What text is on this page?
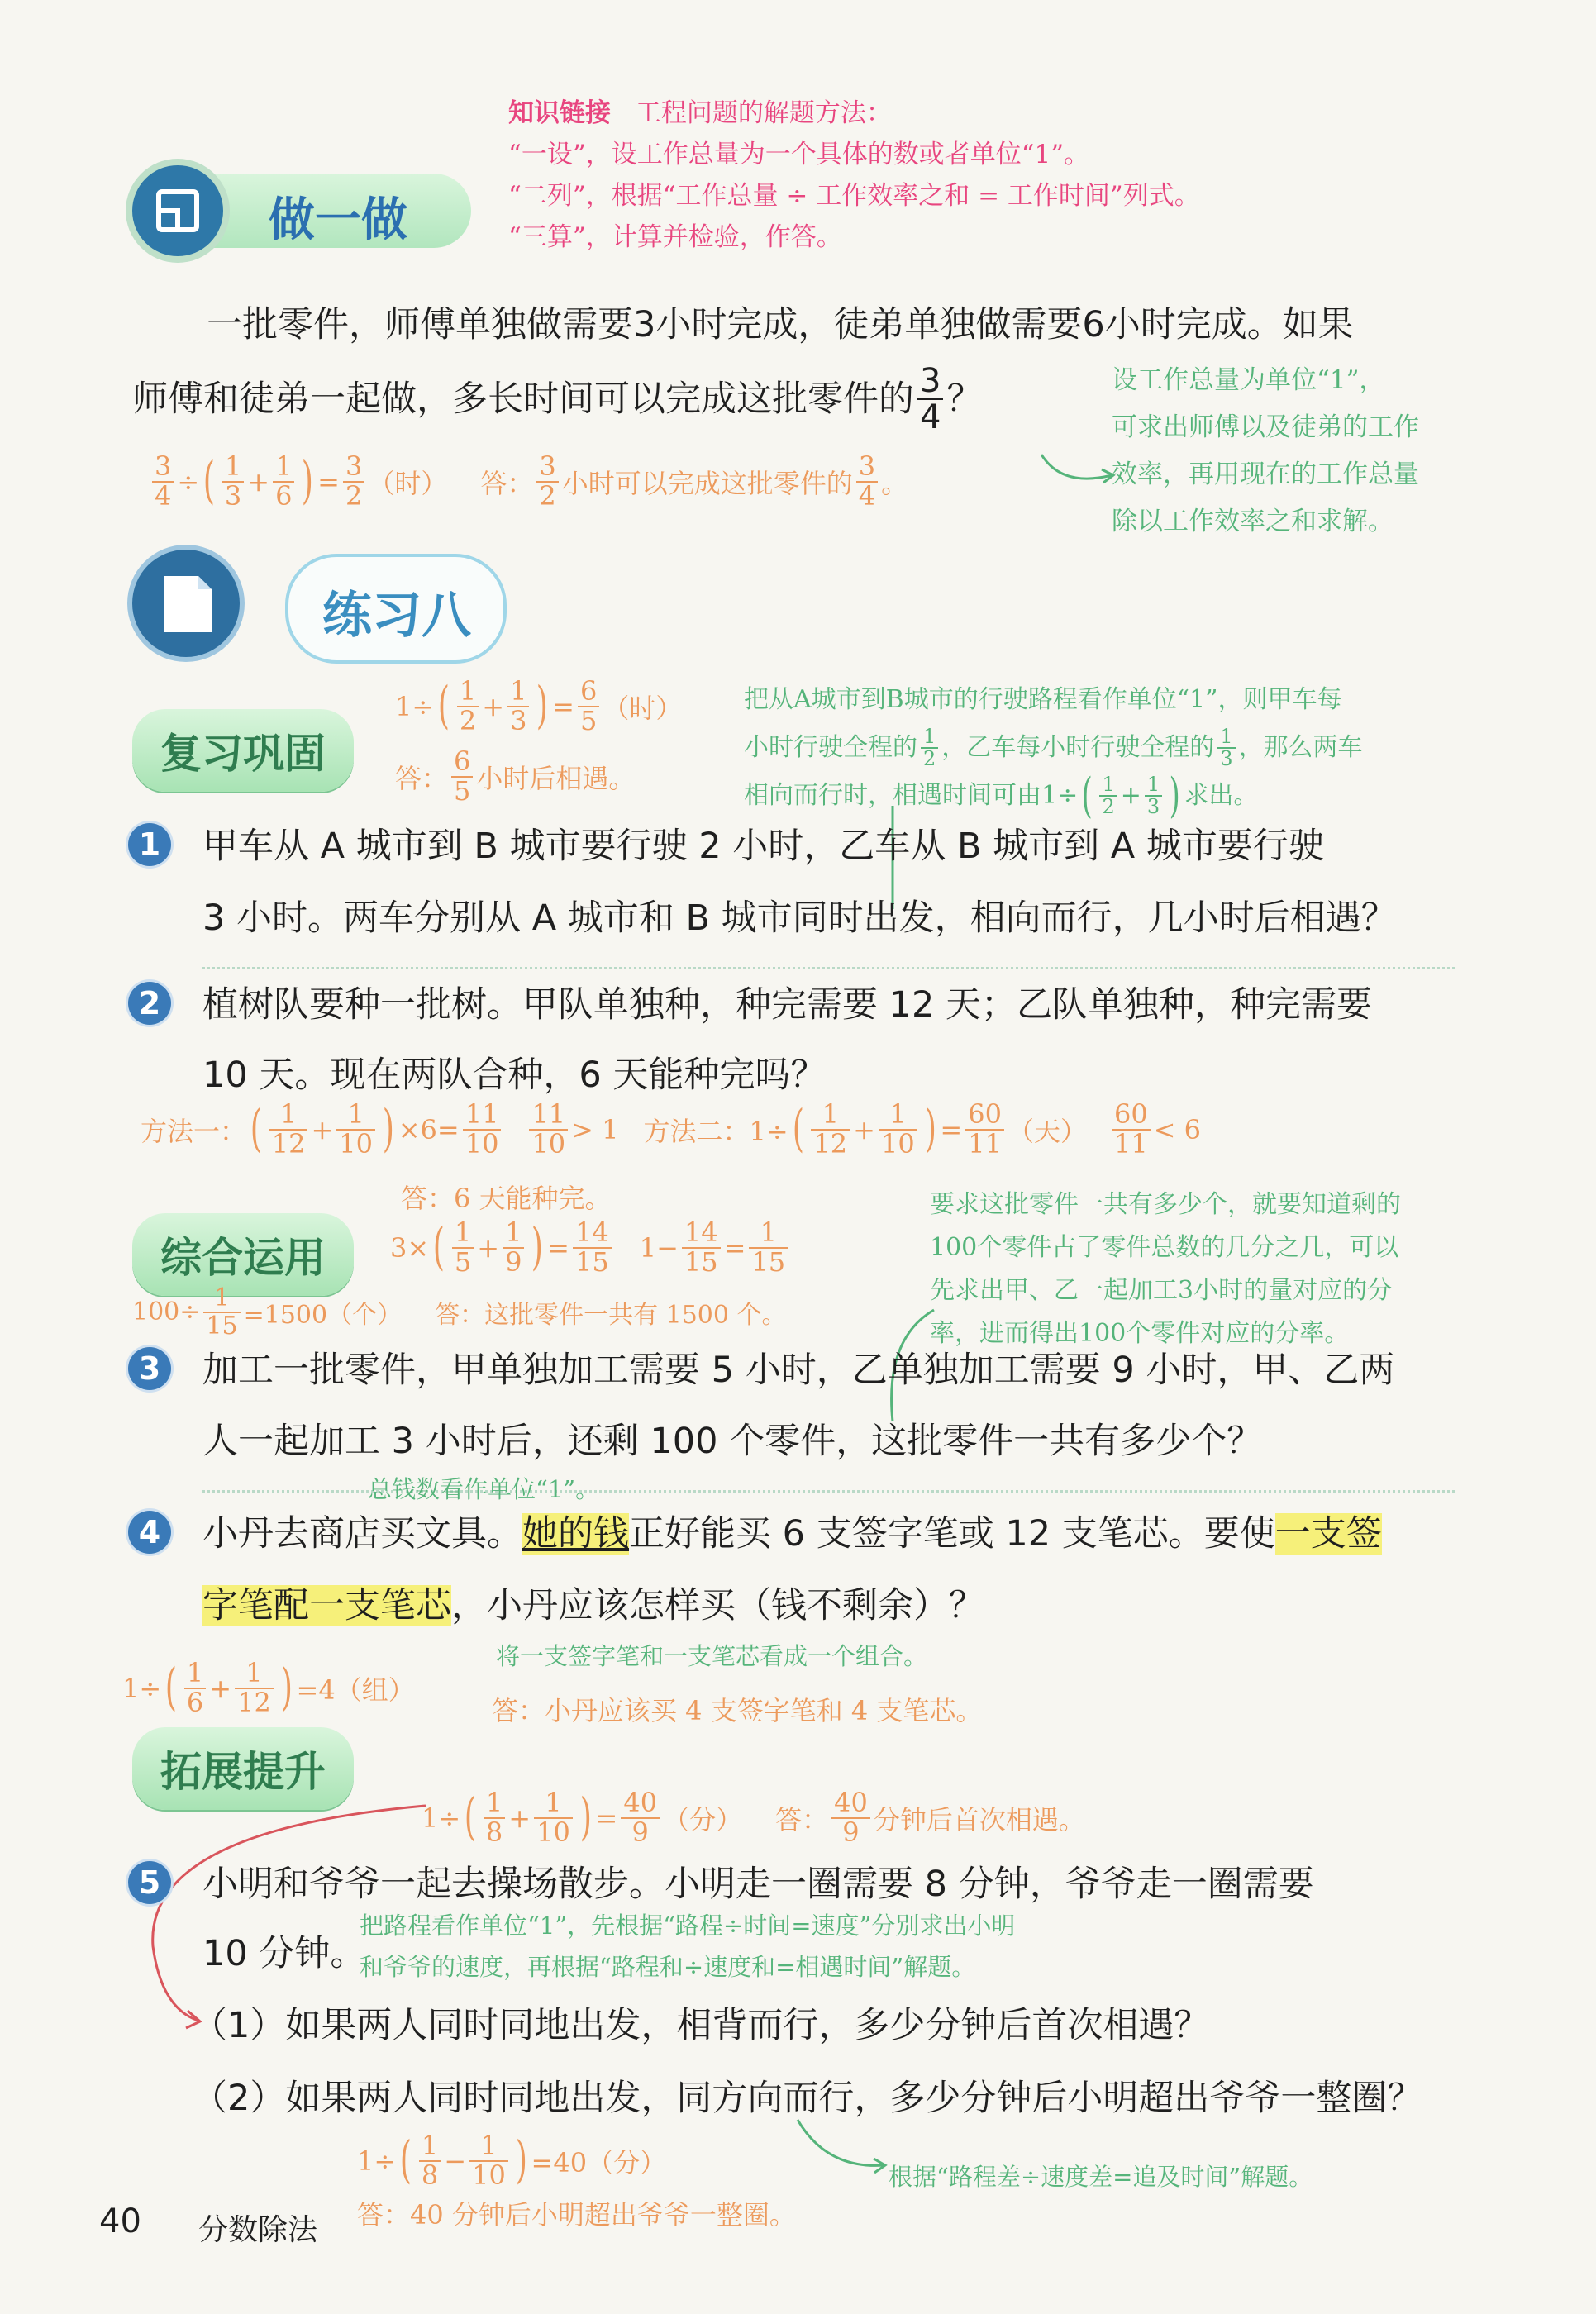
知识链接 工程问题的解题方法：
“一设”，设工作总量为一个具体的数或者单位“1”。
“二列”，根据“工作总量 ÷ 工作效率之和 = 工作时间”列式。
“三算”，计算并检验，作答。
做一做
一批零件，师傅单独做需要3小时完成，徒弟单独做需要6小时完成。如果
师傅和徒弟一起做，多长时间可以完成这批零件的 $\frac{3}{4}$ ？	设工作总量为单位“1”，
可求出师傅以及徒弟的工作
效率，再用现在的工作总量
除以工作效率之和求解。
$\frac{3}{4}$ ÷ ( $\frac{1}{3} + \frac{1}{6}$ ) = $\frac{3}{2}$ （时） 答： $\frac{3}{2}$ 小时可以完成这批零件的 $\frac{3}{4}$ 。
练习八
复习巩固
1÷ ( $\frac{1}{2} + \frac{1}{3}$ ) = $\frac{6}{5}$ （时）
答： $\frac{6}{5}$ 小时后相遇。
把从A城市到B城市的行驶路程看作单位“1”，则甲车每
小时行驶全程的 $\frac{1}{2}$ ，乙车每小时行驶全程的 $\frac{1}{3}$ ，那么两车
相向而行时，相遇时间可由1÷ ( $\frac{1}{2} + \frac{1}{3}$ ) 求出。
1 甲车从 A 城市到 B 城市要行驶 2 小时，乙车从 B 城市到 A 城市要行驶
3 小时。两车分别从 A 城市和 B 城市同时出发，相向而行，几小时后相遇？
2 植树队要种一批树。甲队单独种，种完需要 12 天；乙队单独种，种完需要
10 天。现在两队合种，6 天能种完吗？
方法一： ( $\frac{1}{12} + \frac{1}{10}$ ) $\times 6= \frac{11}{10} \frac{11}{10} > 1$ 方法二：1÷ ( $\frac{1}{12} + \frac{1}{10}$ ) = $\frac{60}{11}$ （天） $\frac{60}{11} < 6$
答：6 天能种完。
综合运用	3× ( $\frac{1}{5} + \frac{1}{9}$ ) = $\frac{14}{15} 1- \frac{14}{15} = \frac{1}{15}$
$100\div \frac{1}{15} =1500$（个） 答：这批零件一共有 1500 个。
要求这批零件一共有多少个，就要知道剩的
100个零件占了零件总数的几分之几，可以
先求出甲、乙一起加工3小时的量对应的分
率，进而得出100个零件对应的分率。
3 加工一批零件，甲单独加工需要 5 小时，乙单独加工需要 9 小时，甲、乙两
人一起加工 3 小时后，还剩 100 个零件，这批零件一共有多少个？
总钱数看作单位“1”。
4 小丹去商店买文具。她的钱正好能买 6 支签字笔或 12 支笔芯。要使一支签
字笔配一支笔芯，小丹应该怎样买（钱不剩余）？
将一支签字笔和一支笔芯看成一个组合。
1÷ ( $\frac{1}{6} + \frac{1}{12}$ ) =4（组）
答：小丹应该买 4 支签字笔和 4 支笔芯。
拓展提升
1÷ ( $\frac{1}{8} + \frac{1}{10}$ ) = $\frac{40}{9}$ （分） 答： $\frac{40}{9}$ 分钟后首次相遇。
5 小明和爷爷一起去操场散步。小明走一圈需要 8 分钟，爷爷走一圈需要
10 分钟。
把路程看作单位“1”，先根据“路程÷时间=速度”分别求出小明
和爷爷的速度，再根据“路程和÷速度和=相遇时间”解题。
（1）如果两人同时同地出发，相背而行，多少分钟后首次相遇？
（2）如果两人同时同地出发，同方向而行，多少分钟后小明超出爷爷一整圈？
1÷ ( $\frac{1}{8} - \frac{1}{10}$ ) =40（分）
答：40 分钟后小明超出爷爷一整圈。
根据“路程差÷速度差=追及时间”解题。
40 分数除法
